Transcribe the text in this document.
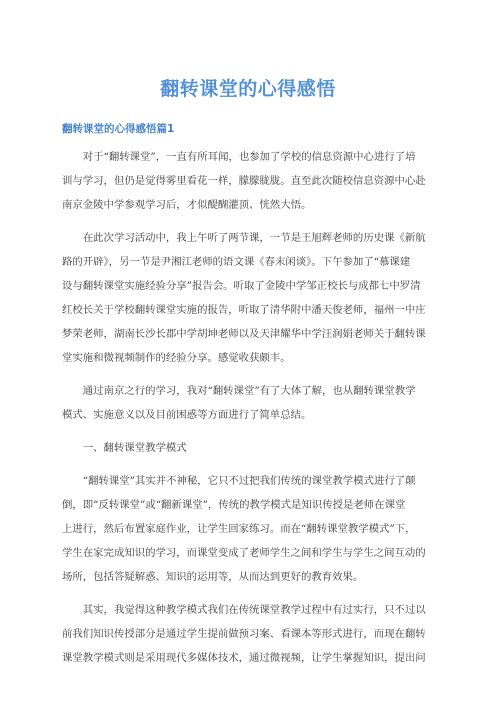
翻转课堂的心得感悟
翻转课堂的心得感悟篇1
　　对于“翻转课堂”，一直有所耳闻，也参加了学校的信息资源中心进行了培
训与学习，但仍是觉得雾里看花一样，朦朦胧胧。直至此次随校信息资源中心赴
南京金陵中学参观学习后，才似醍醐灌顶、恍然大悟。
　　在此次学习活动中，我上午听了两节课，一节是王旭辉老师的历史课《新航
路的开辟》，另一节是尹湘江老师的语文课《春末闲谈》。下午参加了“慕课建
设与翻转课堂实施经验分享”报告会。听取了金陵中学邹正校长与成都七中罗清
红校长关于学校翻转课堂实施的报告，听取了清华附中潘天俊老师，福州一中庄
梦荣老师，湖南长沙长郡中学胡坤老师以及天津耀华中学汪润娟老师关于翻转课
堂实施和微视频制作的经验分享。感觉收获颇丰。
　　通过南京之行的学习，我对“翻转课堂”有了大体了解，也从翻转课堂教学
模式、实施意义以及目前困惑等方面进行了简单总结。
　　一、翻转课堂教学模式
　　“翻转课堂”其实并不神秘，它只不过把我们传统的课堂教学模式进行了颠
倒，即“反转课堂”或“翻新课堂”，传统的教学模式是知识传授是老师在课堂
上进行，然后布置家庭作业，让学生回家练习。而在“翻转课堂教学模式”下，
学生在家完成知识的学习，而课堂变成了老师学生之间和学生与学生之间互动的
场所，包括答疑解惑、知识的运用等，从而达到更好的教育效果。
　　其实，我觉得这种教学模式我们在传统课堂教学过程中有过实行，只不过以
前我们知识传授部分是通过学生提前做预习案、看课本等形式进行，而现在翻转
课堂教学模式则是采用现代多媒体技术，通过微视频，让学生掌握知识，提出问
